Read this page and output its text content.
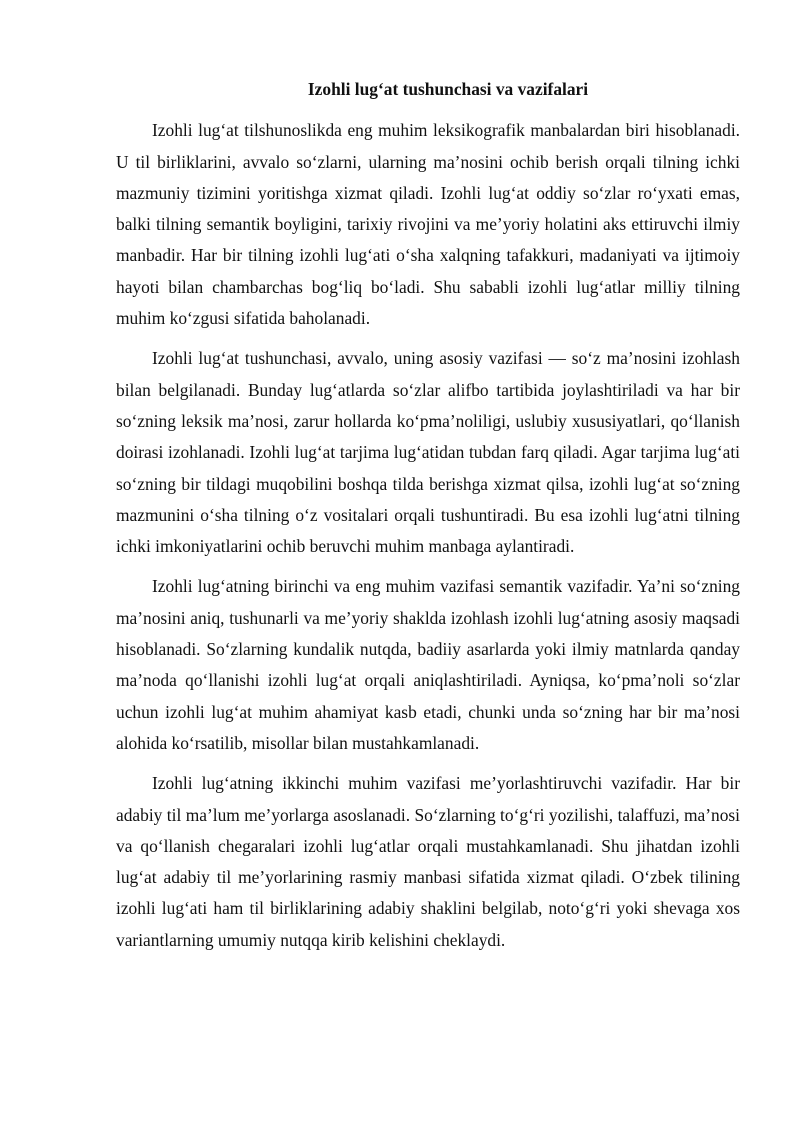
Izohli lug‘at tushunchasi va vazifalari

Izohli lug‘at tilshunoslikda eng muhim leksikografik manbalardan biri hisoblanadi. U til birliklarini, avvalo so‘zlarni, ularning ma’nosini ochib berish orqali tilning ichki mazmuniy tizimini yoritishga xizmat qiladi. Izohli lug‘at oddiy so‘zlar ro‘yxati emas, balki tilning semantik boyligini, tarixiy rivojini va me’yoriy holatini aks ettiruvchi ilmiy manbadir. Har bir tilning izohli lug‘ati o‘sha xalqning tafakkuri, madaniyati va ijtimoiy hayoti bilan chambarchas bog‘liq bo‘ladi. Shu sababli izohli lug‘atlar milliy tilning muhim ko‘zgusi sifatida baholanadi.

Izohli lug‘at tushunchasi, avvalo, uning asosiy vazifasi — so‘z ma’nosini izohlash bilan belgilanadi. Bunday lug‘atlarda so‘zlar alifbo tartibida joylashtiriladi va har bir so‘zning leksik ma’nosi, zarur hollarda ko‘pma’noliligi, uslubiy xususiyatlari, qo‘llanish doirasi izohlanadi. Izohli lug‘at tarjima lug‘atidan tubdan farq qiladi. Agar tarjima lug‘ati so‘zning bir tildagi muqobilini boshqa tilda berishga xizmat qilsa, izohli lug‘at so‘zning mazmunini o‘sha tilning o‘z vositalari orqali tushuntiradi. Bu esa izohli lug‘atni tilning ichki imkoniyatlarini ochib beruvchi muhim manbaga aylantiradi.

Izohli lug‘atning birinchi va eng muhim vazifasi semantik vazifadir. Ya’ni so‘zning ma’nosini aniq, tushunarli va me’yoriy shaklda izohlash izohli lug‘atning asosiy maqsadi hisoblanadi. So‘zlarning kundalik nutqda, badiiy asarlarda yoki ilmiy matnlarda qanday ma’noda qo‘llanishi izohli lug‘at orqali aniqlashtiriladi. Ayniqsa, ko‘pma’noli so‘zlar uchun izohli lug‘at muhim ahamiyat kasb etadi, chunki unda so‘zning har bir ma’nosi alohida ko‘rsatilib, misollar bilan mustahkamlanadi.

Izohli lug‘atning ikkinchi muhim vazifasi me’yorlashtiruvchi vazifadir. Har bir adabiy til ma’lum me’yorlarga asoslanadi. So‘zlarning to‘g‘ri yozilishi, talaffuzi, ma’nosi va qo‘llanish chegaralari izohli lug‘atlar orqali mustahkamlanadi. Shu jihatdan izohli lug‘at adabiy til me’yorlarining rasmiy manbasi sifatida xizmat qiladi. O‘zbek tilining izohli lug‘ati ham til birliklarining adabiy shaklini belgilab, noto‘g‘ri yoki shevaga xos variantlarning umumiy nutqqa kirib kelishini cheklaydi.
